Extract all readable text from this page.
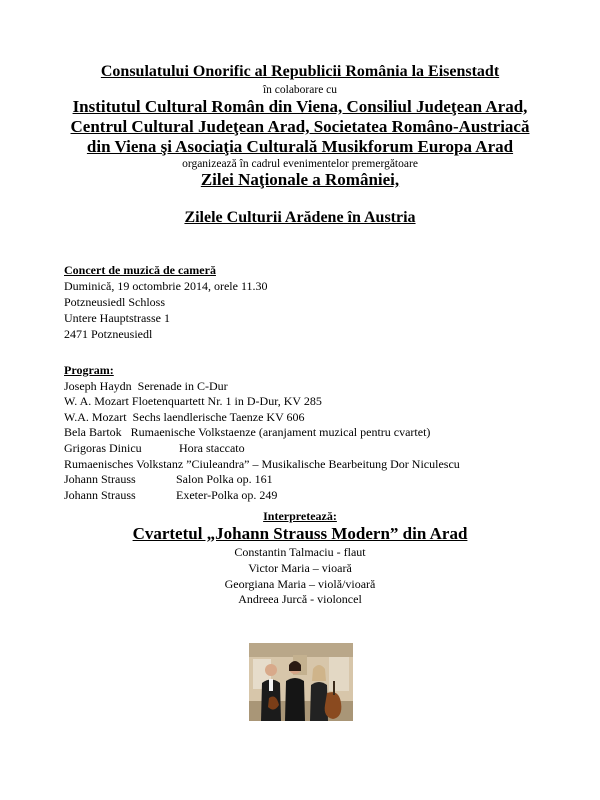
Consulatului Onorific al Republicii România la Eisenstadt
în colaborare cu
Institutul Cultural Român din Viena, Consiliul Judeţean Arad,
Centrul Cultural Judeţean Arad, Societatea Româno-Austriacă
din Viena şi Asociaţia Culturală Musikforum Europa Arad
organizează în cadrul evenimentelor premergătoare
Zilei Naţionale a României,
Zilele Culturii Arădene în Austria
Concert de muzică de cameră
Duminică, 19 octombrie 2014, orele 11.30
Potzneusiedl Schloss
Untere Hauptstrasse 1
2471 Potzneusiedl
Program:
Joseph Haydn Serenade in C-Dur
W. A. Mozart Floetenquartett Nr. 1 in D-Dur, KV 285
W.A. Mozart Sechs laendlerische Taenze KV 606
Bela Bartok Rumaenische Volkstaenze (aranjament muzical pentru cvartet)
Grigoras Dinicu	Hora staccato
Rumaenisches Volkstanz ”Ciuleandra” – Musikalische Bearbeitung Dor Niculescu
Johann Strauss	Salon Polka op. 161
Johann Strauss	Exeter-Polka op. 249
Interpretează:
Cvartetul „Johann Strauss Modern” din Arad
Constantin Talmaciu - flaut
Victor Maria – vioară
Georgiana Maria – violă/vioară
Andreea Jurcă - violoncel
